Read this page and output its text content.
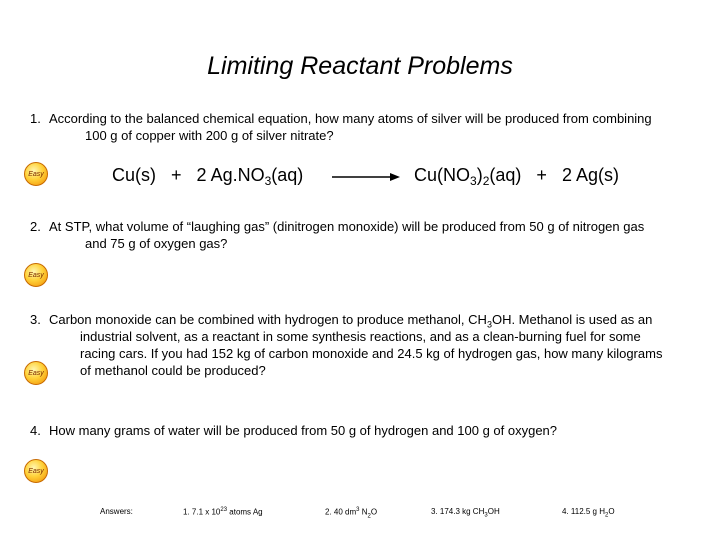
Limiting Reactant Problems
1. According to the balanced chemical equation, how many atoms of silver will be produced from combining
100 g of copper with 200 g of silver nitrate?
Easy	Cu(s) + 2 $Ag.NO_3(aq)$	$Cu(NO_3)_2(aq) + 2$ Ag(s)
2. At STP, what volume of “laughing gas” (dinitrogen monoxide) will be produced from 50 g of nitrogen gas
and 75 g of oxygen gas?
Easy
3. Carbon monoxide can be combined with hydrogen to produce methanol, $CH_3OH$. Methanol is used as an
industrial solvent, as a reactant in some synthesis reactions, and as a clean-burning fuel for some
racing cars. If you had 152 kg of carbon monoxide and 24.5 kg of hydrogen gas, how many kilograms
of methanol could be produced?
Easy
4. How many grams of water will be produced from 50 g of hydrogen and 100 g of oxygen?
Easy
Answers:	1. 7.1 x $10^{23}$ atoms Ag	2. 40 $dm^3$ $N_2O$	3. 174.3 kg $CH_3OH$	4. 112.5 g $H_2O$
